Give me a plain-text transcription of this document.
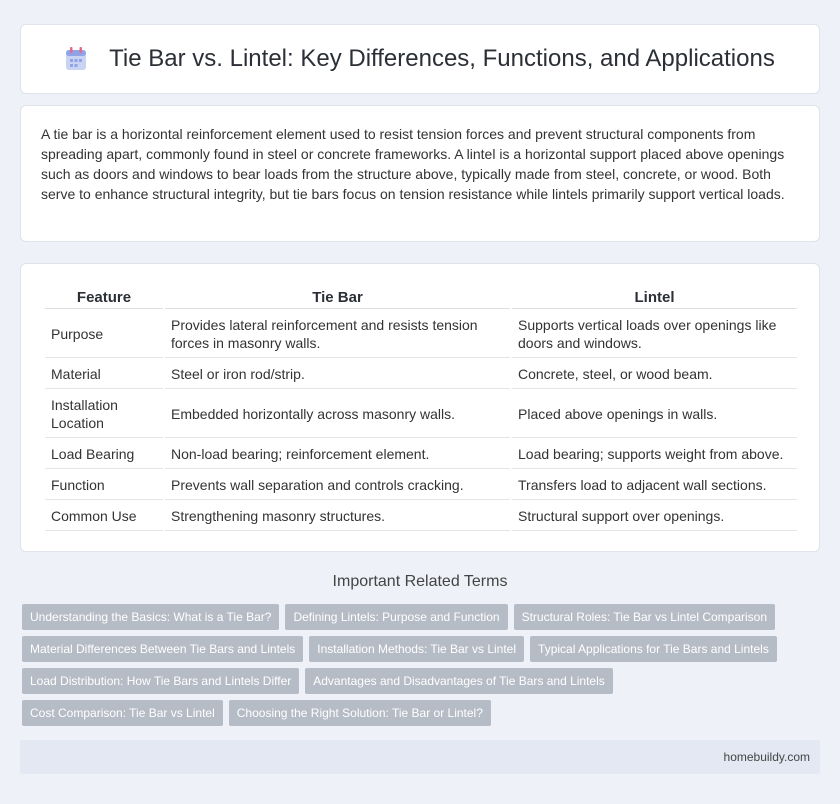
Tie Bar vs. Lintel: Key Differences, Functions, and Applications

A tie bar is a horizontal reinforcement element used to resist tension forces and prevent structural components from spreading apart, commonly found in steel or concrete frameworks. A lintel is a horizontal support placed above openings such as doors and windows to bear loads from the structure above, typically made from steel, concrete, or wood. Both serve to enhance structural integrity, but tie bars focus on tension resistance while lintels primarily support vertical loads.

Feature	Tie Bar	Lintel
Purpose	Provides lateral reinforcement and resists tension forces in masonry walls.	Supports vertical loads over openings like doors and windows.
Material	Steel or iron rod/strip.	Concrete, steel, or wood beam.
Installation Location	Embedded horizontally across masonry walls.	Placed above openings in walls.
Load Bearing	Non-load bearing; reinforcement element.	Load bearing; supports weight from above.
Function	Prevents wall separation and controls cracking.	Transfers load to adjacent wall sections.
Common Use	Strengthening masonry structures.	Structural support over openings.
Important Related Terms
Understanding the Basics: What is a Tie Bar?	Defining Lintels: Purpose and Function	Structural Roles: Tie Bar vs Lintel Comparison
Material Differences Between Tie Bars and Lintels	Installation Methods: Tie Bar vs Lintel	Typical Applications for Tie Bars and Lintels
Load Distribution: How Tie Bars and Lintels Differ	Advantages and Disadvantages of Tie Bars and Lintels
Cost Comparison: Tie Bar vs Lintel	Choosing the Right Solution: Tie Bar or Lintel?
homebuildy.com
